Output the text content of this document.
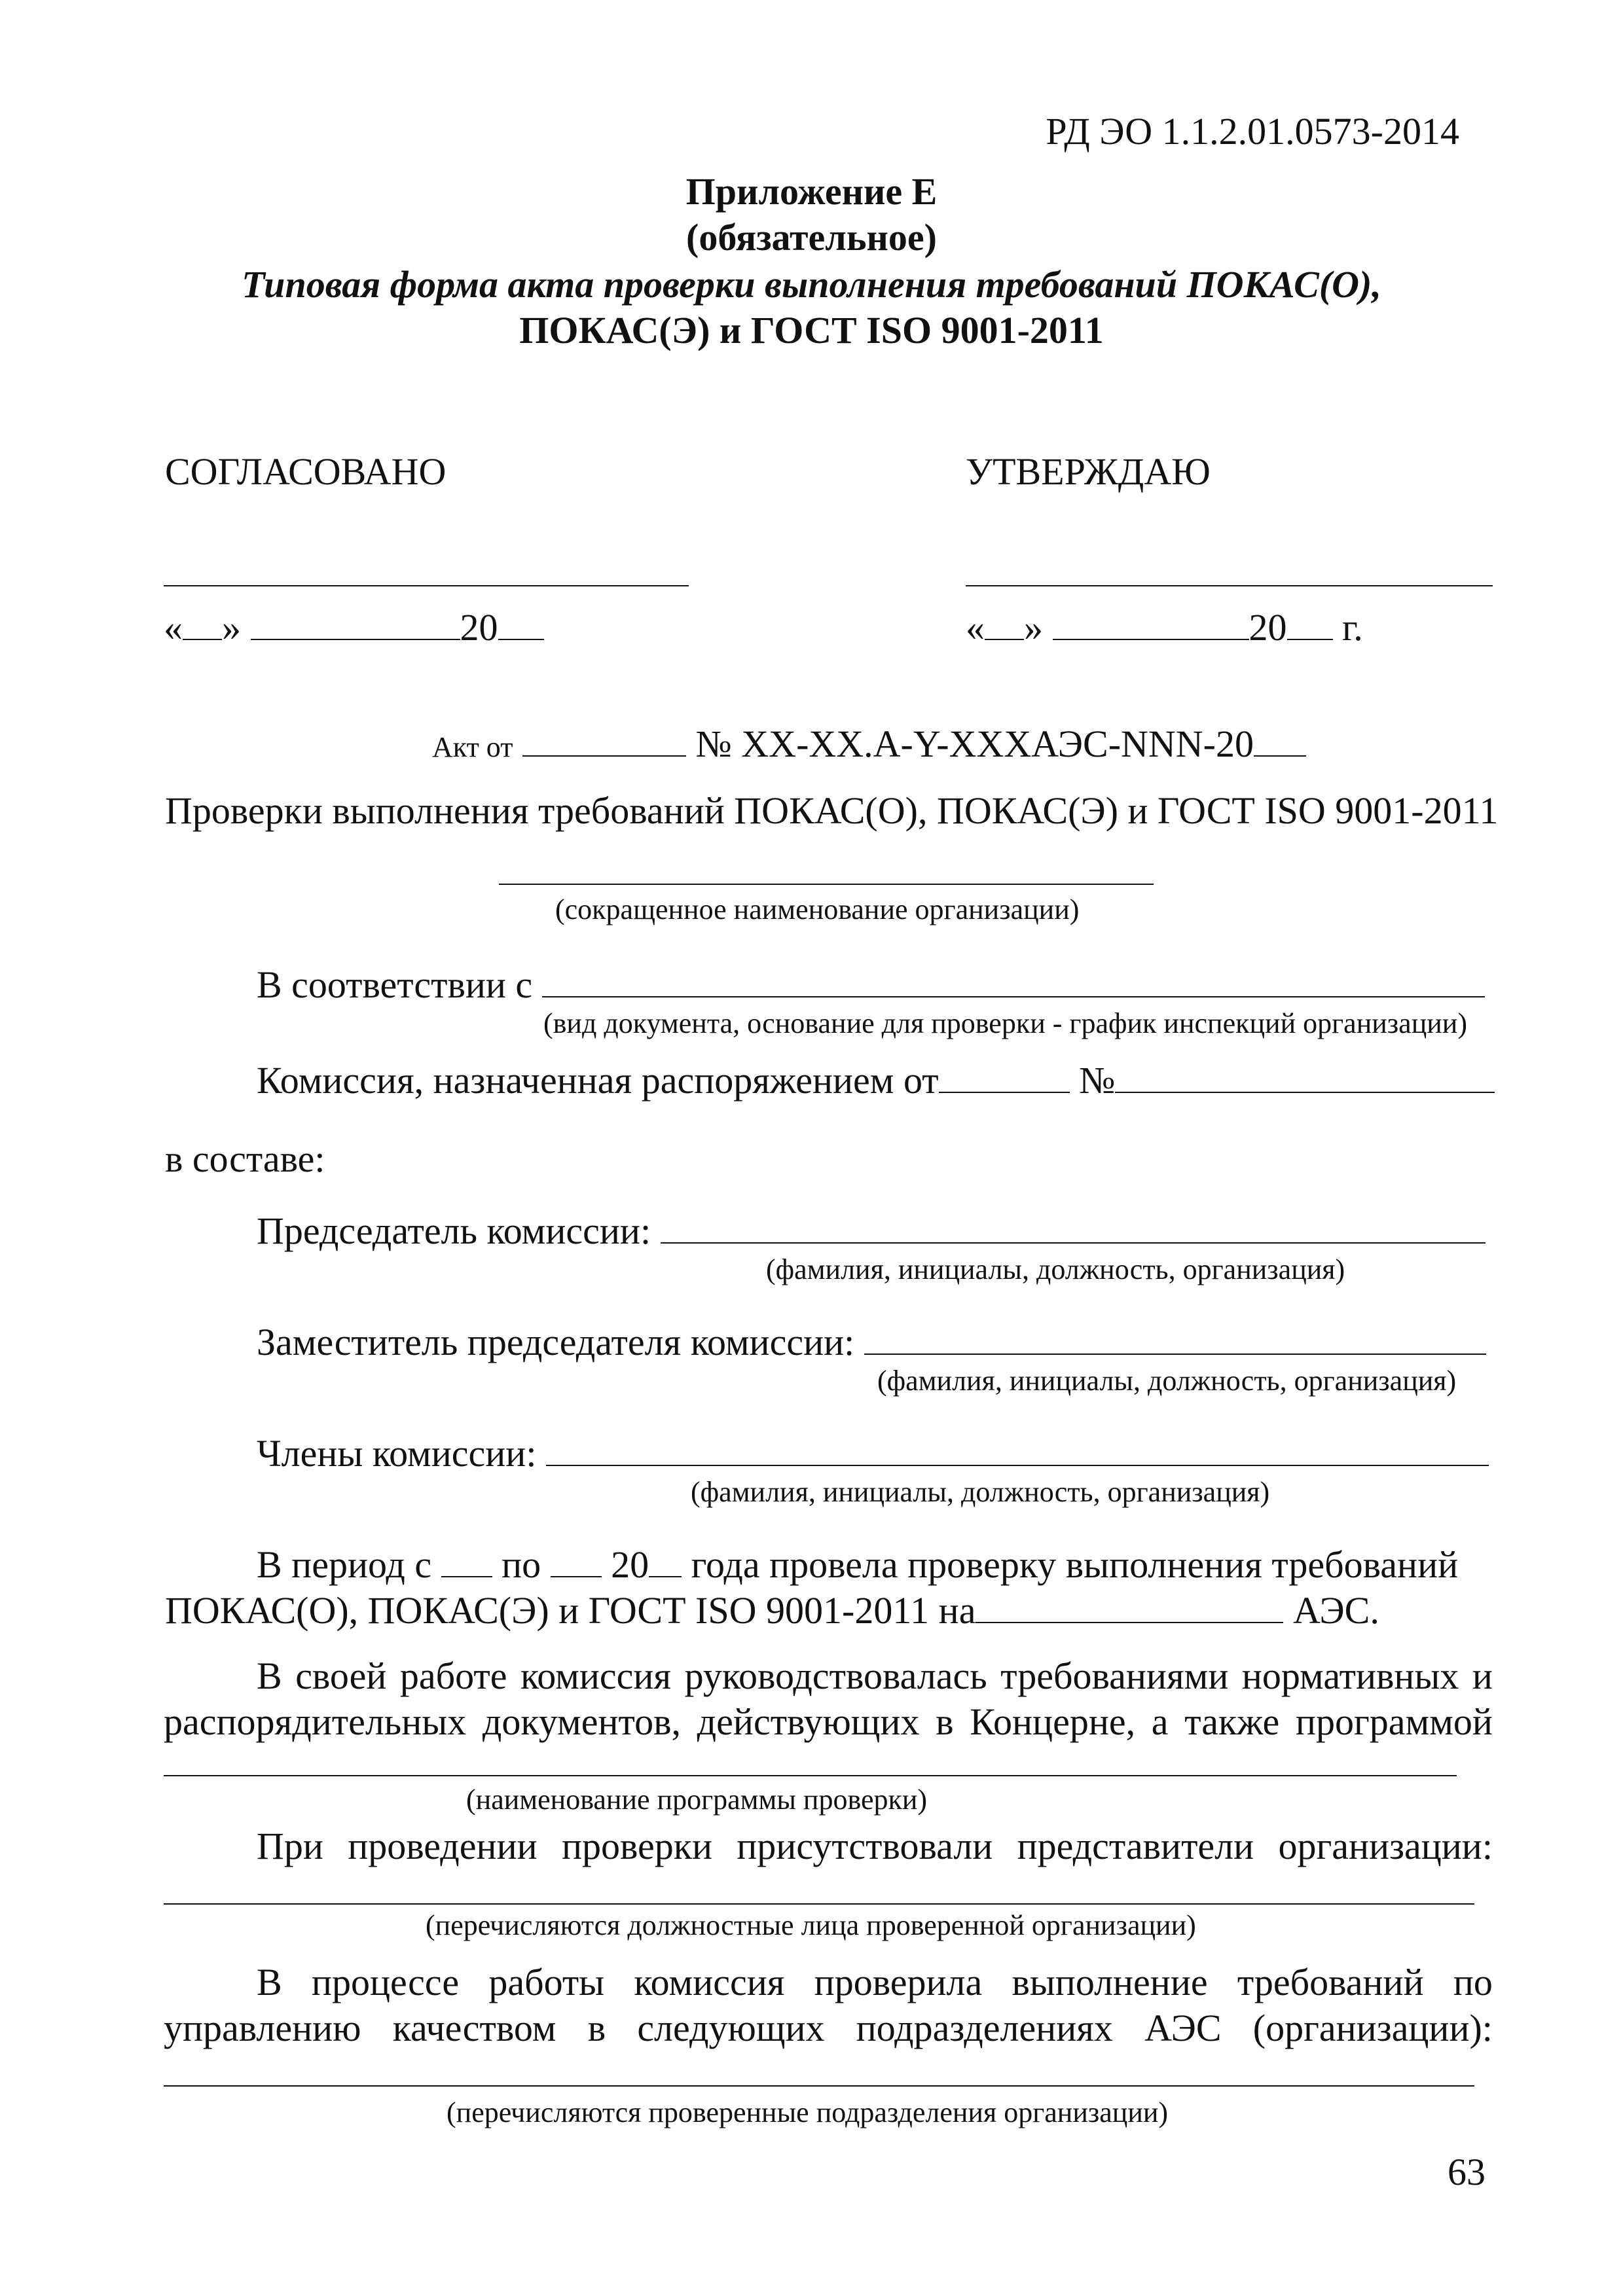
РД ЭО 1.1.2.01.0573-2014
Приложение Е
(обязательное)
Типовая форма акта проверки выполнения требований ПОКАС(О),
ПОКАС(Э) и ГОСТ ISO 9001-2011
СОГЛАСОВАНО	УТВЕРЖДАЮ
« »	20	« »	20 г.
Акт от	№ XX-XX.A-Y-XXXАЭС-NNN-20
Проверки выполнения требований ПОКАС(О), ПОКАС(Э) и ГОСТ ISO 9001-2011
(сокращенное наименование организации)
В соответствии с
(вид документа, основание для проверки - график инспекций организации)
Комиссия, назначенная распоряжением от	№
в составе:
Председатель комиссии:
(фамилия, инициалы, должность, организация)
Заместитель председателя комиссии:
(фамилия, инициалы, должность, организация)
Члены комиссии:
(фамилия, инициалы, должность, организация)
В период с по 20 года провела проверку выполнения требований
ПОКАС(О), ПОКАС(Э) и ГОСТ ISO 9001-2011 на	АЭС.
В своей работе комиссия руководствовалась требованиями нормативных и
распорядительных документов, действующих в Концерне, а также программой
(наименование программы проверки)
При проведении проверки присутствовали представители организации:
(перечисляются должностные лица проверенной организации)
В процессе работы комиссия проверила выполнение требований по
управлению качеством в следующих подразделениях АЭС (организации):
(перечисляются проверенные подразделения организации)
63
